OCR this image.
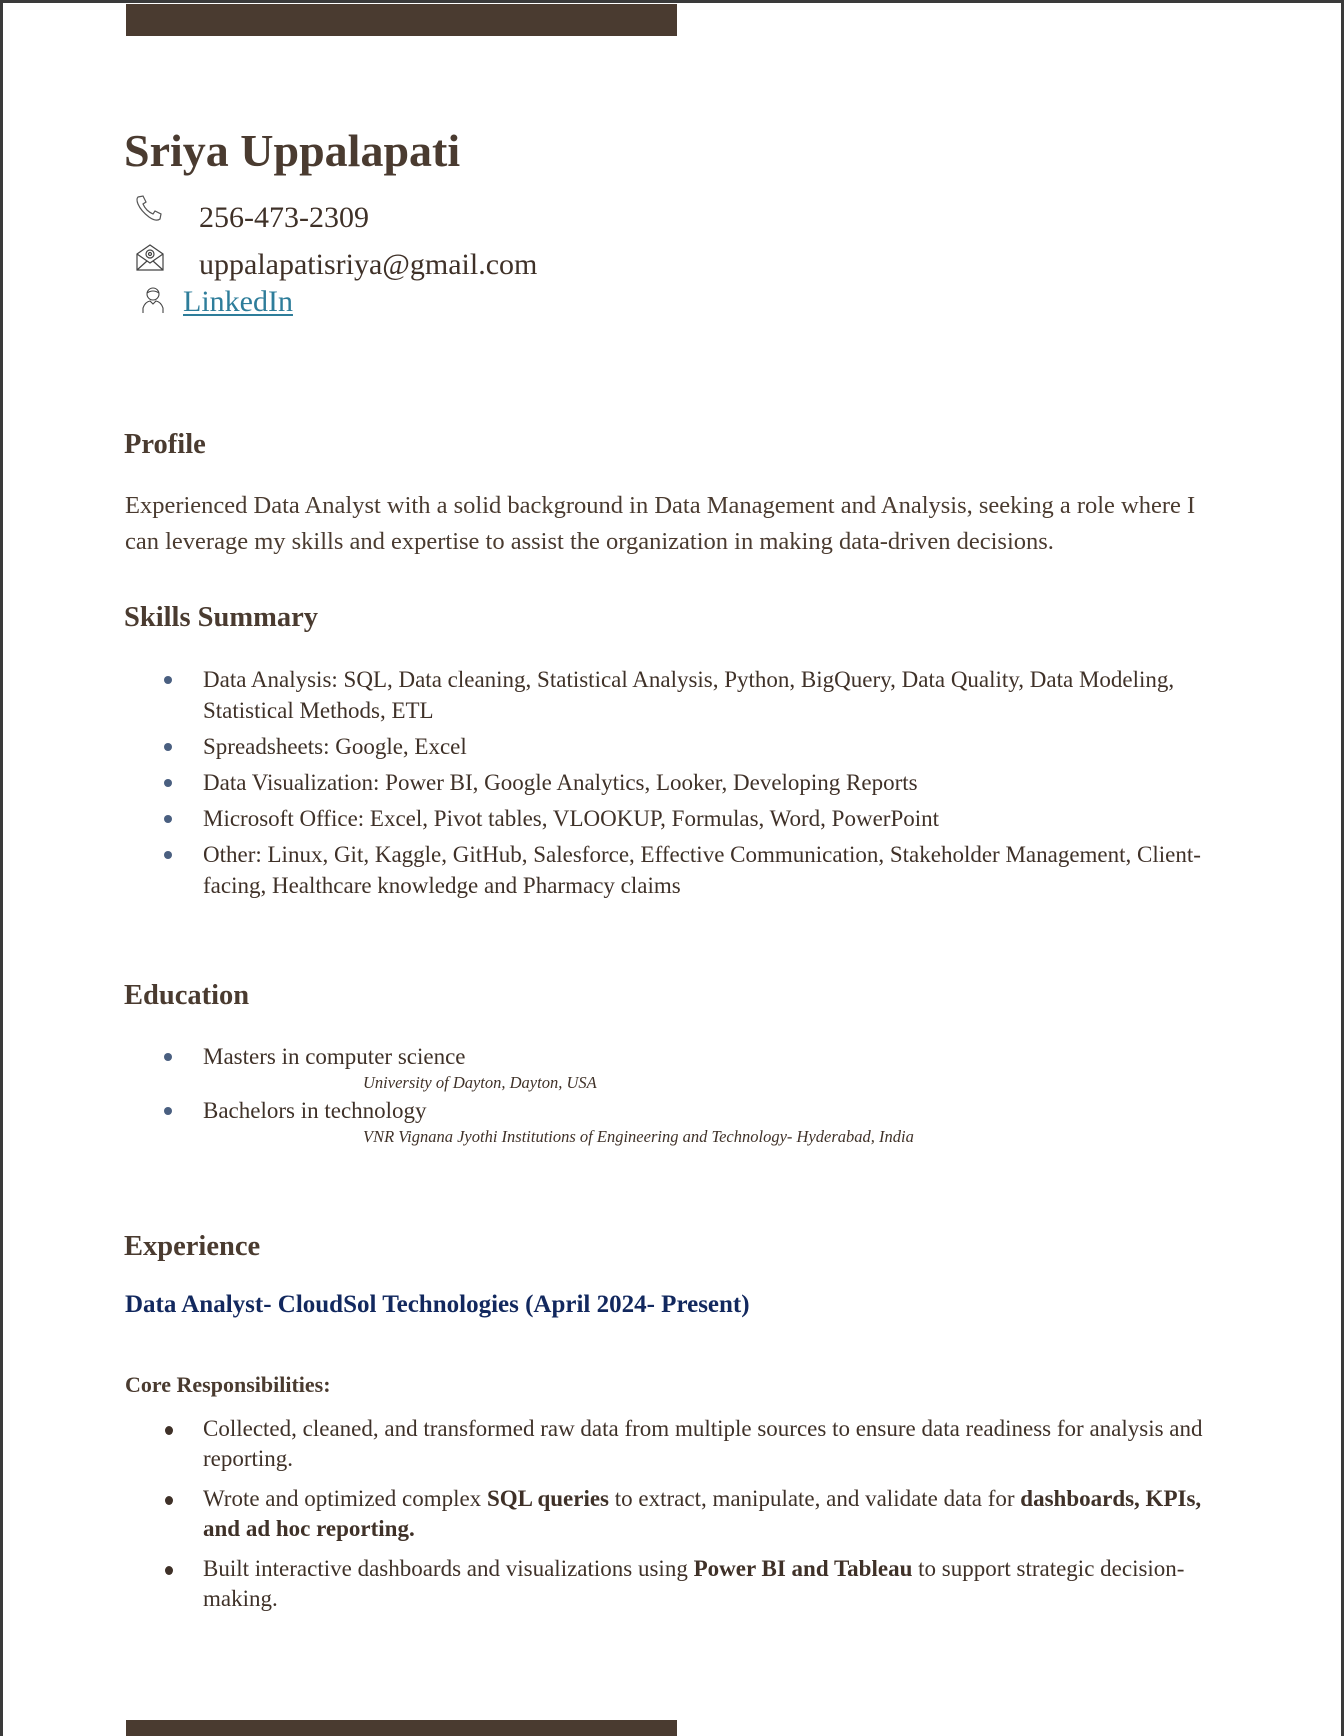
Sriya Uppalapati
256-473-2309
uppalapatisriya@gmail.com
LinkedIn
Profile
Experienced Data Analyst with a solid background in Data Management and Analysis, seeking a role where I can leverage my skills and expertise to assist the organization in making data-driven decisions.
Skills Summary
Data Analysis: SQL, Data cleaning, Statistical Analysis, Python, BigQuery, Data Quality, Data Modeling, Statistical Methods, ETL
Spreadsheets: Google, Excel
Data Visualization: Power BI, Google Analytics, Looker, Developing Reports
Microsoft Office: Excel, Pivot tables, VLOOKUP, Formulas, Word, PowerPoint
Other: Linux, Git, Kaggle, GitHub, Salesforce, Effective Communication, Stakeholder Management, Client-facing, Healthcare knowledge and Pharmacy claims
Education
Masters in computer science
University of Dayton, Dayton, USA
Bachelors in technology
VNR Vignana Jyothi Institutions of Engineering and Technology- Hyderabad, India
Experience
Data Analyst- CloudSol Technologies (April 2024- Present)
Core Responsibilities:
Collected, cleaned, and transformed raw data from multiple sources to ensure data readiness for analysis and reporting.
Wrote and optimized complex SQL queries to extract, manipulate, and validate data for dashboards, KPIs, and ad hoc reporting.
Built interactive dashboards and visualizations using Power BI and Tableau to support strategic decision-making.
